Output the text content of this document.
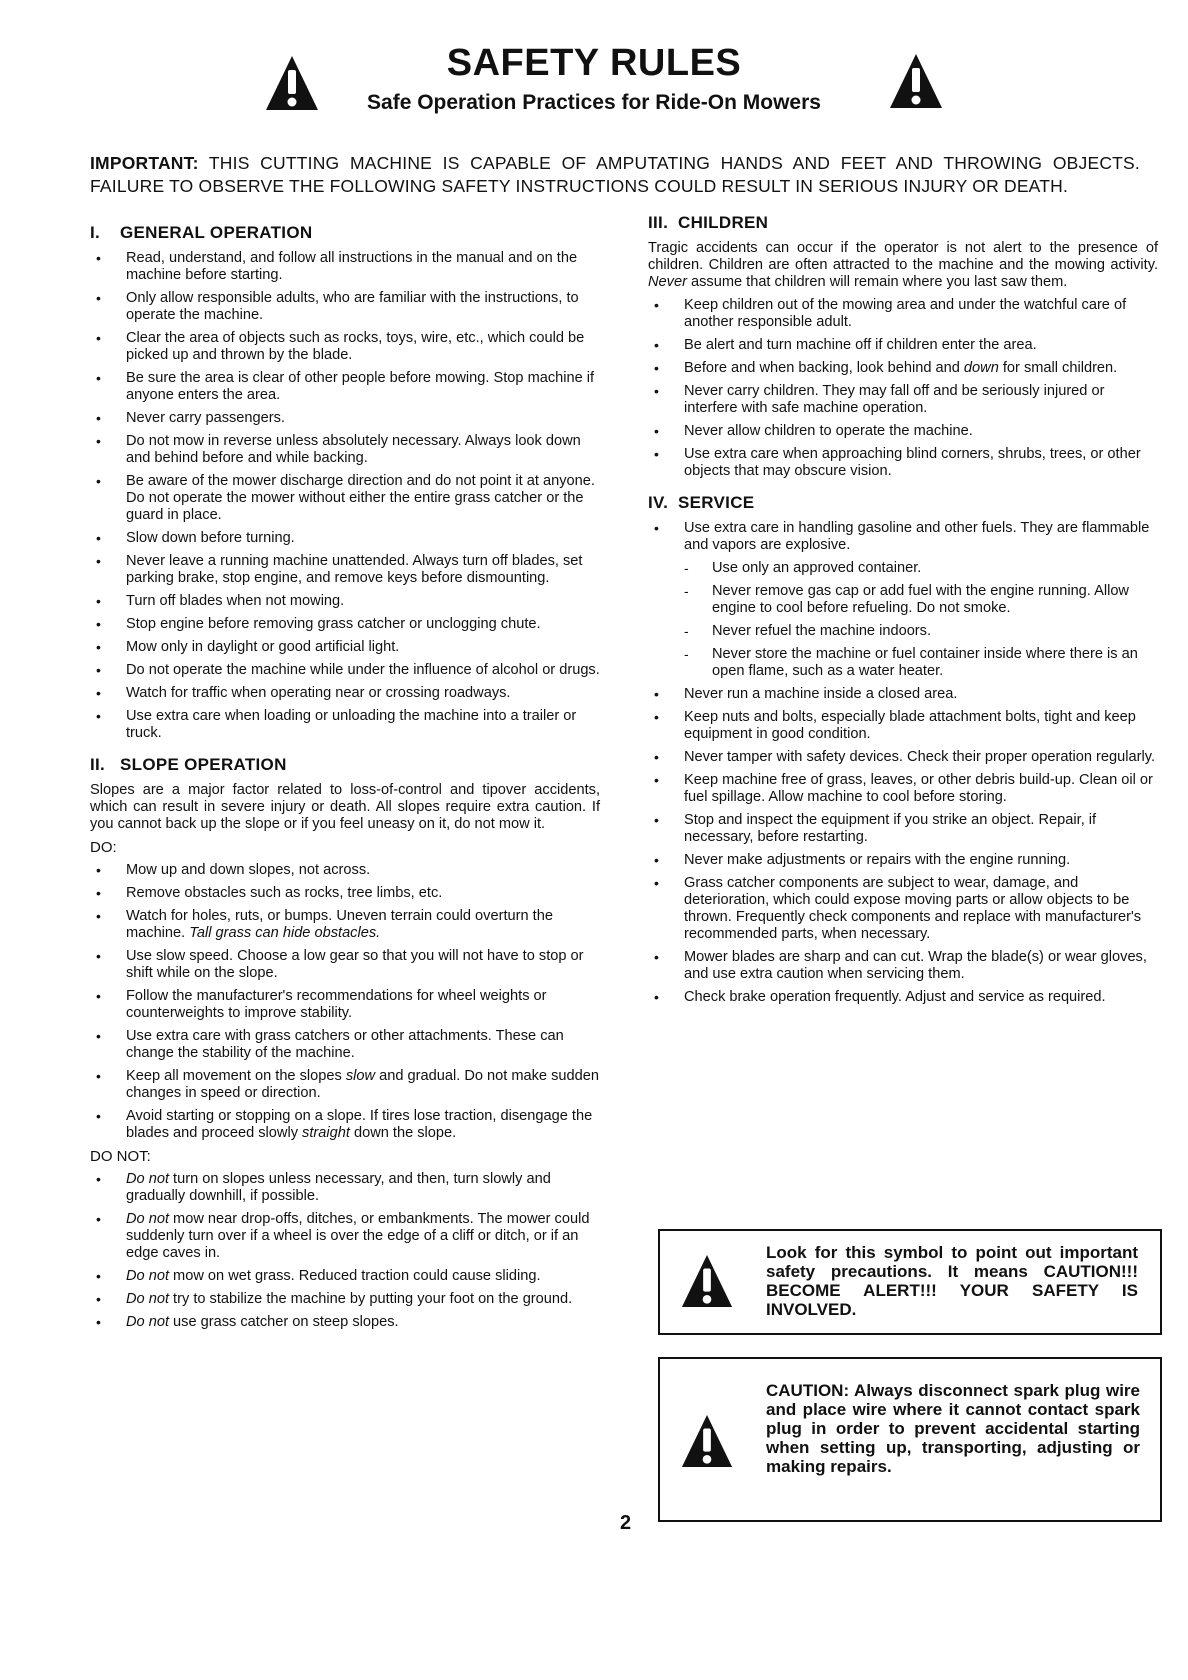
SAFETY RULES
Safe Operation Practices for Ride-On Mowers
IMPORTANT: THIS CUTTING MACHINE IS CAPABLE OF AMPUTATING HANDS AND FEET AND THROWING OBJECTS. FAILURE TO OBSERVE THE FOLLOWING SAFETY INSTRUCTIONS COULD RESULT IN SERIOUS INJURY OR DEATH.
I. GENERAL OPERATION
• Read, understand, and follow all instructions in the manual and on the machine before starting.
• Only allow responsible adults, who are familiar with the instructions, to operate the machine.
• Clear the area of objects such as rocks, toys, wire, etc., which could be picked up and thrown by the blade.
• Be sure the area is clear of other people before mowing. Stop machine if anyone enters the area.
• Never carry passengers.
• Do not mow in reverse unless absolutely necessary. Always look down and behind before and while backing.
• Be aware of the mower discharge direction and do not point it at anyone. Do not operate the mower without either the entire grass catcher or the guard in place.
• Slow down before turning.
• Never leave a running machine unattended. Always turn off blades, set parking brake, stop engine, and remove keys before dismounting.
• Turn off blades when not mowing.
• Stop engine before removing grass catcher or unclogging chute.
• Mow only in daylight or good artificial light.
• Do not operate the machine while under the influence of alcohol or drugs.
• Watch for traffic when operating near or crossing roadways.
• Use extra care when loading or unloading the machine into a trailer or truck.
II. SLOPE OPERATION

Slopes are a major factor related to loss-of-control and tipover accidents, which can result in severe injury or death. All slopes require extra caution. If you cannot back up the slope or if you feel uneasy on it, do not mow it.

DO:
• Mow up and down slopes, not across.
• Remove obstacles such as rocks, tree limbs, etc.
• Watch for holes, ruts, or bumps. Uneven terrain could overturn the machine. Tall grass can hide obstacles.
• Use slow speed. Choose a low gear so that you will not have to stop or shift while on the slope.
• Follow the manufacturer's recommendations for wheel weights or counterweights to improve stability.
• Use extra care with grass catchers or other attachments. These can change the stability of the machine.
• Keep all movement on the slopes slow and gradual. Do not make sudden changes in speed or direction.
• Avoid starting or stopping on a slope. If tires lose traction, disengage the blades and proceed slowly straight down the slope.
DO NOT:
• Do not turn on slopes unless necessary, and then, turn slowly and gradually downhill, if possible.
• Do not mow near drop-offs, ditches, or embankments. The mower could suddenly turn over if a wheel is over the edge of a cliff or ditch, or if an edge caves in.
• Do not mow on wet grass. Reduced traction could cause sliding.
• Do not try to stabilize the machine by putting your foot on the ground.
• Do not use grass catcher on steep slopes.
III. CHILDREN

Tragic accidents can occur if the operator is not alert to the presence of children. Children are often attracted to the machine and the mowing activity. Never assume that children will remain where you last saw them.

• Keep children out of the mowing area and under the watchful care of another responsible adult.
• Be alert and turn machine off if children enter the area.
• Before and when backing, look behind and down for small children.
• Never carry children. They may fall off and be seriously injured or interfere with safe machine operation.
• Never allow children to operate the machine.
• Use extra care when approaching blind corners, shrubs, trees, or other objects that may obscure vision.
IV. SERVICE
• Use extra care in handling gasoline and other fuels. They are flammable and vapors are explosive.
- Use only an approved container.
- Never remove gas cap or add fuel with the engine running. Allow engine to cool before refueling. Do not smoke.
- Never refuel the machine indoors.
- Never store the machine or fuel container inside where there is an open flame, such as a water heater.
• Never run a machine inside a closed area.
• Keep nuts and bolts, especially blade attachment bolts, tight and keep equipment in good condition.
• Never tamper with safety devices. Check their proper operation regularly.
• Keep machine free of grass, leaves, or other debris build-up. Clean oil or fuel spillage. Allow machine to cool before storing.
• Stop and inspect the equipment if you strike an object. Repair, if necessary, before restarting.
• Never make adjustments or repairs with the engine running.
• Grass catcher components are subject to wear, damage, and deterioration, which could expose moving parts or allow objects to be thrown. Frequently check components and replace with manufacturer's recommended parts, when necessary.
• Mower blades are sharp and can cut. Wrap the blade(s) or wear gloves, and use extra caution when servicing them.
• Check brake operation frequently. Adjust and service as required.
2
Look for this symbol to point out important safety precautions. It means CAUTION!!! BECOME ALERT!!! YOUR SAFETY IS INVOLVED.
CAUTION: Always disconnect spark plug wire and place wire where it cannot contact spark plug in order to prevent accidental starting when setting up, transporting, adjusting or making repairs.
